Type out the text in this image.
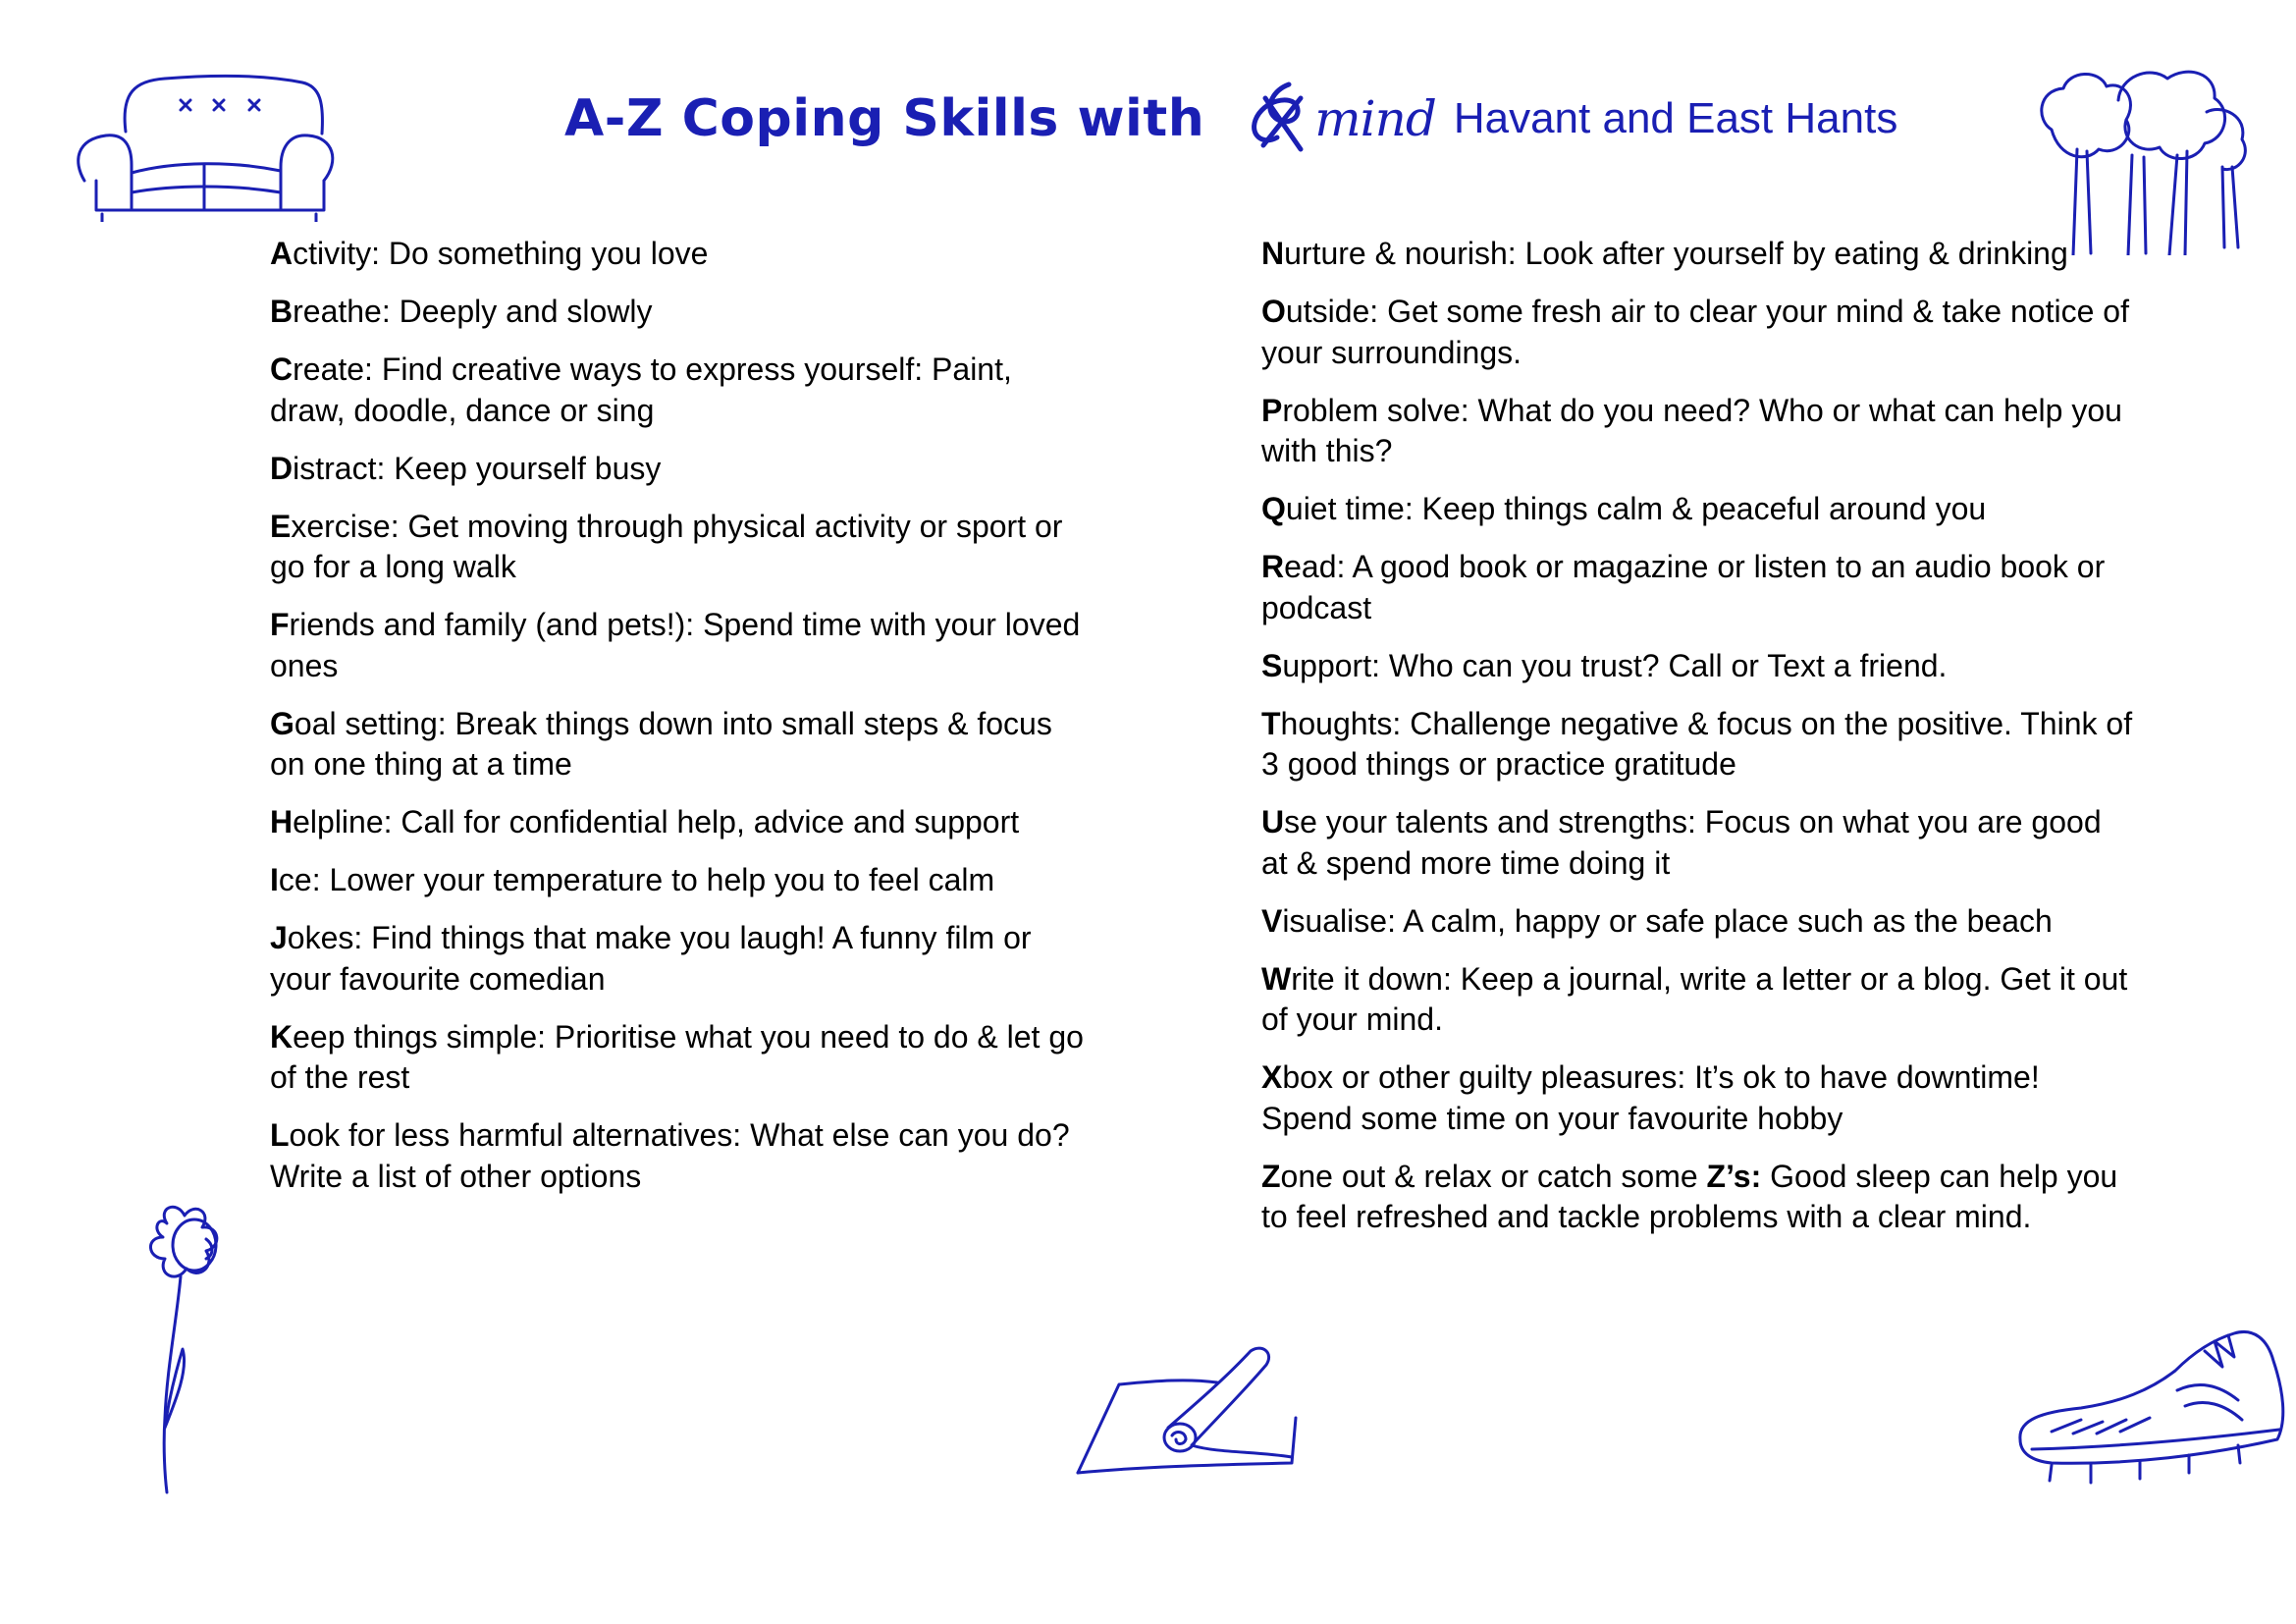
A-Z Coping Skills with mind Havant and East Hants

Activity: Do something you love

Breathe: Deeply and slowly

Create: Find creative ways to express yourself: Paint, draw, doodle, dance or sing

Distract: Keep yourself busy

Exercise: Get moving through physical activity or sport or go for a long walk

Friends and family (and pets!): Spend time with your loved ones

Goal setting: Break things down into small steps & focus on one thing at a time

Helpline: Call for confidential help, advice and support

Ice: Lower your temperature to help you to feel calm

Jokes: Find things that make you laugh! A funny film or your favourite comedian

Keep things simple: Prioritise what you need to do & let go of the rest

Look for less harmful alternatives: What else can you do? Write a list of other options

Nurture & nourish: Look after yourself by eating & drinking

Outside: Get some fresh air to clear your mind & take notice of your surroundings.

Problem solve: What do you need? Who or what can help you with this?

Quiet time: Keep things calm & peaceful around you

Read: A good book or magazine or listen to an audio book or podcast

Support: Who can you trust? Call or Text a friend.

Thoughts: Challenge negative & focus on the positive. Think of 3 good things or practice gratitude

Use your talents and strengths: Focus on what you are good at & spend more time doing it

Visualise: A calm, happy or safe place such as the beach

Write it down: Keep a journal, write a letter or a blog. Get it out of your mind.

Xbox or other guilty pleasures: It’s ok to have downtime! Spend some time on your favourite hobby

Zone out & relax or catch some Z’s: Good sleep can help you to feel refreshed and tackle problems with a clear mind.
